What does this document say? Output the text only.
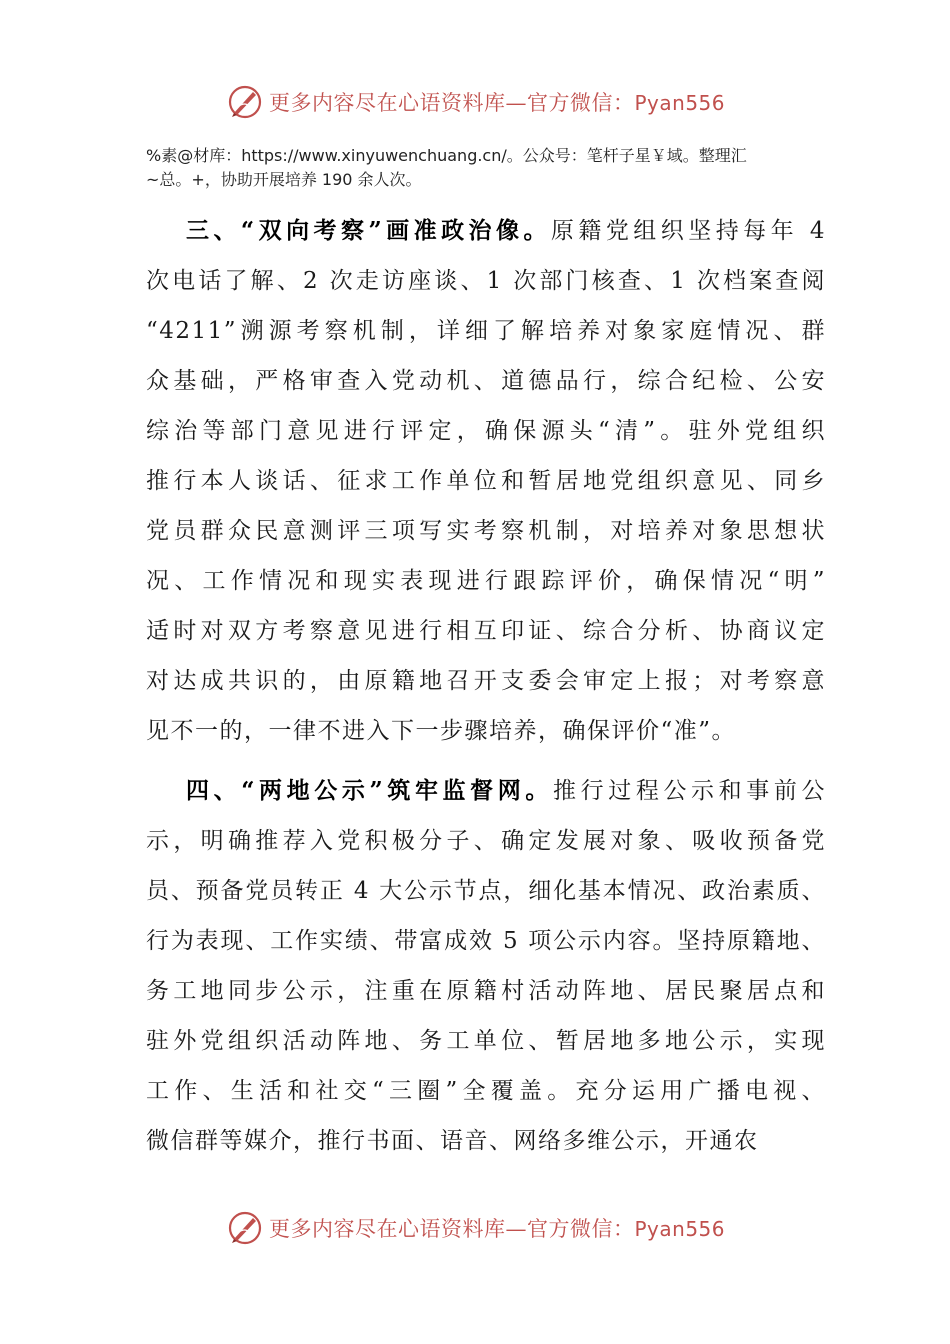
更多内容尽在心语资料库—官方微信：Pyan556
%素@材库：https://www.xinyuwenchuang.cn/。公众号：笔杆子星￥域。整理汇
~总。+，协助开展培养 190 余人次。
三、“双向考察”画准政治像。原籍党组织坚持每年 4
次电话了解、2 次走访座谈、1 次部门核查、1 次档案查阅
“4211”溯源考察机制，详细了解培养对象家庭情况、群
众基础，严格审查入党动机、道德品行，综合纪检、公安
综治等部门意见进行评定，确保源头“清”。驻外党组织
推行本人谈话、征求工作单位和暂居地党组织意见、同乡
党员群众民意测评三项写实考察机制，对培养对象思想状
况、工作情况和现实表现进行跟踪评价，确保情况“明”
适时对双方考察意见进行相互印证、综合分析、协商议定
对达成共识的，由原籍地召开支委会审定上报；对考察意
见不一的，一律不进入下一步骤培养，确保评价“准”。
四、“两地公示”筑牢监督网。推行过程公示和事前公
示，明确推荐入党积极分子、确定发展对象、吸收预备党
员、预备党员转正 4 大公示节点，细化基本情况、政治素质、
行为表现、工作实绩、带富成效 5 项公示内容。坚持原籍地、
务工地同步公示，注重在原籍村活动阵地、居民聚居点和
驻外党组织活动阵地、务工单位、暂居地多地公示，实现
工作、生活和社交“三圈”全覆盖。充分运用广播电视、
微信群等媒介，推行书面、语音、网络多维公示，开通农
更多内容尽在心语资料库—官方微信：Pyan556
